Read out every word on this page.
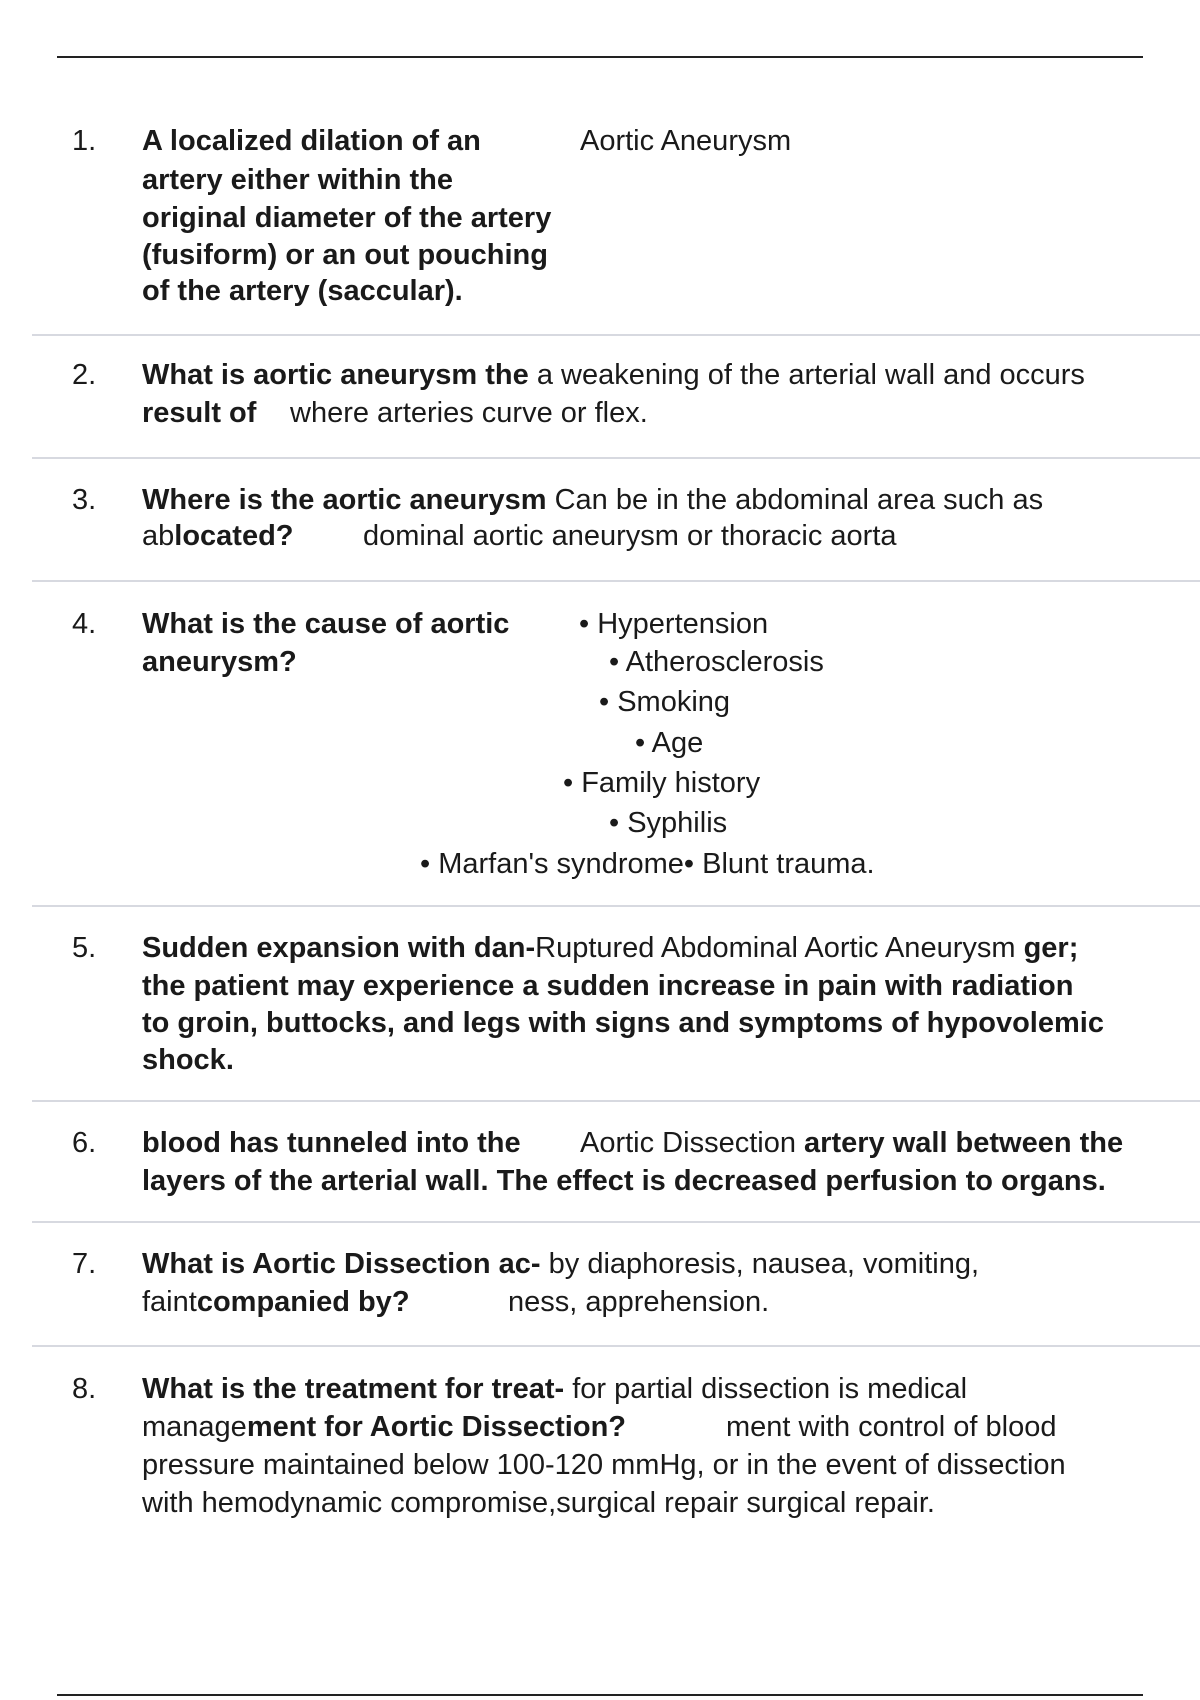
1. A localized dilation of an
artery either within the
original diameter of the artery
(fusiform) or an out pouching
of the artery (saccular).
Aortic Aneurysm
2. What is aortic aneurysm the a weakening of the arterial wall and occurs
result of where arteries curve or flex.
3. Where is the aortic aneurysm Can be in the abdominal area such as
ablocated? dominal aortic aneurysm or thoracic aorta
4. What is the cause of aortic
aneurysm?
• Hypertension
• Atherosclerosis
• Smoking
• Age
• Family history
• Syphilis
• Marfan's syndrome• Blunt trauma.
5. Sudden expansion with dan-Ruptured Abdominal Aortic Aneurysm ger;
the patient may experience a sudden increase in pain with radiation
to groin, buttocks, and legs with signs and symptoms of hypovolemic
shock.
6. blood has tunneled into the Aortic Dissection artery wall between the
layers of the arterial wall. The effect is decreased perfusion to organs.
7. What is Aortic Dissection ac- by diaphoresis, nausea, vomiting,
faintcompanied by?	ness, apprehension.
8. What is the treatment for treat- for partial dissection is medical
management for Aortic Dissection?	ment with control of blood
pressure maintained below 100-120 mmHg, or in the event of dissection
with hemodynamic compromise,surgical repair surgical repair.
